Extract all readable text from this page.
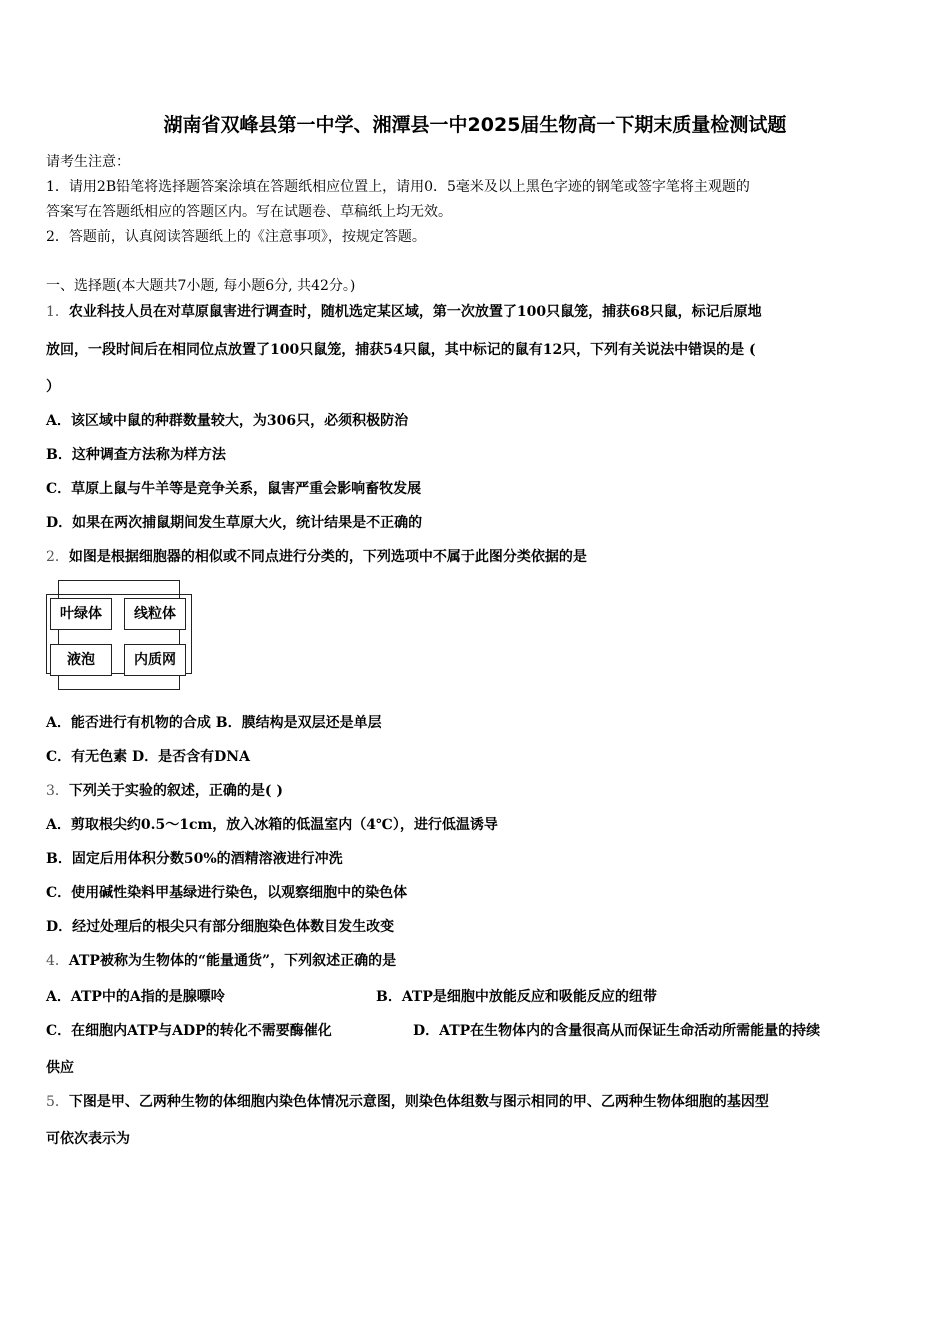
湖南省双峰县第一中学、湘潭县一中2025届生物高一下期末质量检测试题
请考生注意：
1．请用2B铅笔将选择题答案涂填在答题纸相应位置上，请用0．5毫米及以上黑色字迹的钢笔或签字笔将主观题的
答案写在答题纸相应的答题区内。写在试题卷、草稿纸上均无效。
2．答题前，认真阅读答题纸上的《注意事项》，按规定答题。
一、选择题(本大题共7小题, 每小题6分, 共42分。)
1．农业科技人员在对草原鼠害进行调查时，随机选定某区域，第一次放置了100只鼠笼，捕获68只鼠，标记后原地
放回，一段时间后在相同位点放置了100只鼠笼，捕获54只鼠，其中标记的鼠有12只，下列有关说法中错误的是 (
）
A．该区域中鼠的种群数量较大，为306只，必须积极防治
B．这种调查方法称为样方法
C．草原上鼠与牛羊等是竞争关系，鼠害严重会影响畜牧发展
D．如果在两次捕鼠期间发生草原大火，统计结果是不正确的
2．如图是根据细胞器的相似或不同点进行分类的，下列选项中不属于此图分类依据的是
叶绿体	线粒体
液泡	内质网
A．能否进行有机物的合成 B．膜结构是双层还是单层
C．有无色素 D．是否含有DNA
3．下列关于实验的叙述，正确的是( )
A．剪取根尖约0.5～1cm，放入冰箱的低温室内（4℃），进行低温诱导
B．固定后用体积分数50%的酒精溶液进行冲洗
C．使用碱性染料甲基绿进行染色，以观察细胞中的染色体
D．经过处理后的根尖只有部分细胞染色体数目发生改变
4．ATP被称为生物体的“能量通货”，下列叙述正确的是
A．ATP中的A指的是腺嘌呤	B．ATP是细胞中放能反应和吸能反应的纽带
C．在细胞内ATP与ADP的转化不需要酶催化	D．ATP在生物体内的含量很高从而保证生命活动所需能量的持续
供应
5．下图是甲、乙两种生物的体细胞内染色体情况示意图，则染色体组数与图示相同的甲、乙两种生物体细胞的基因型
可依次表示为
